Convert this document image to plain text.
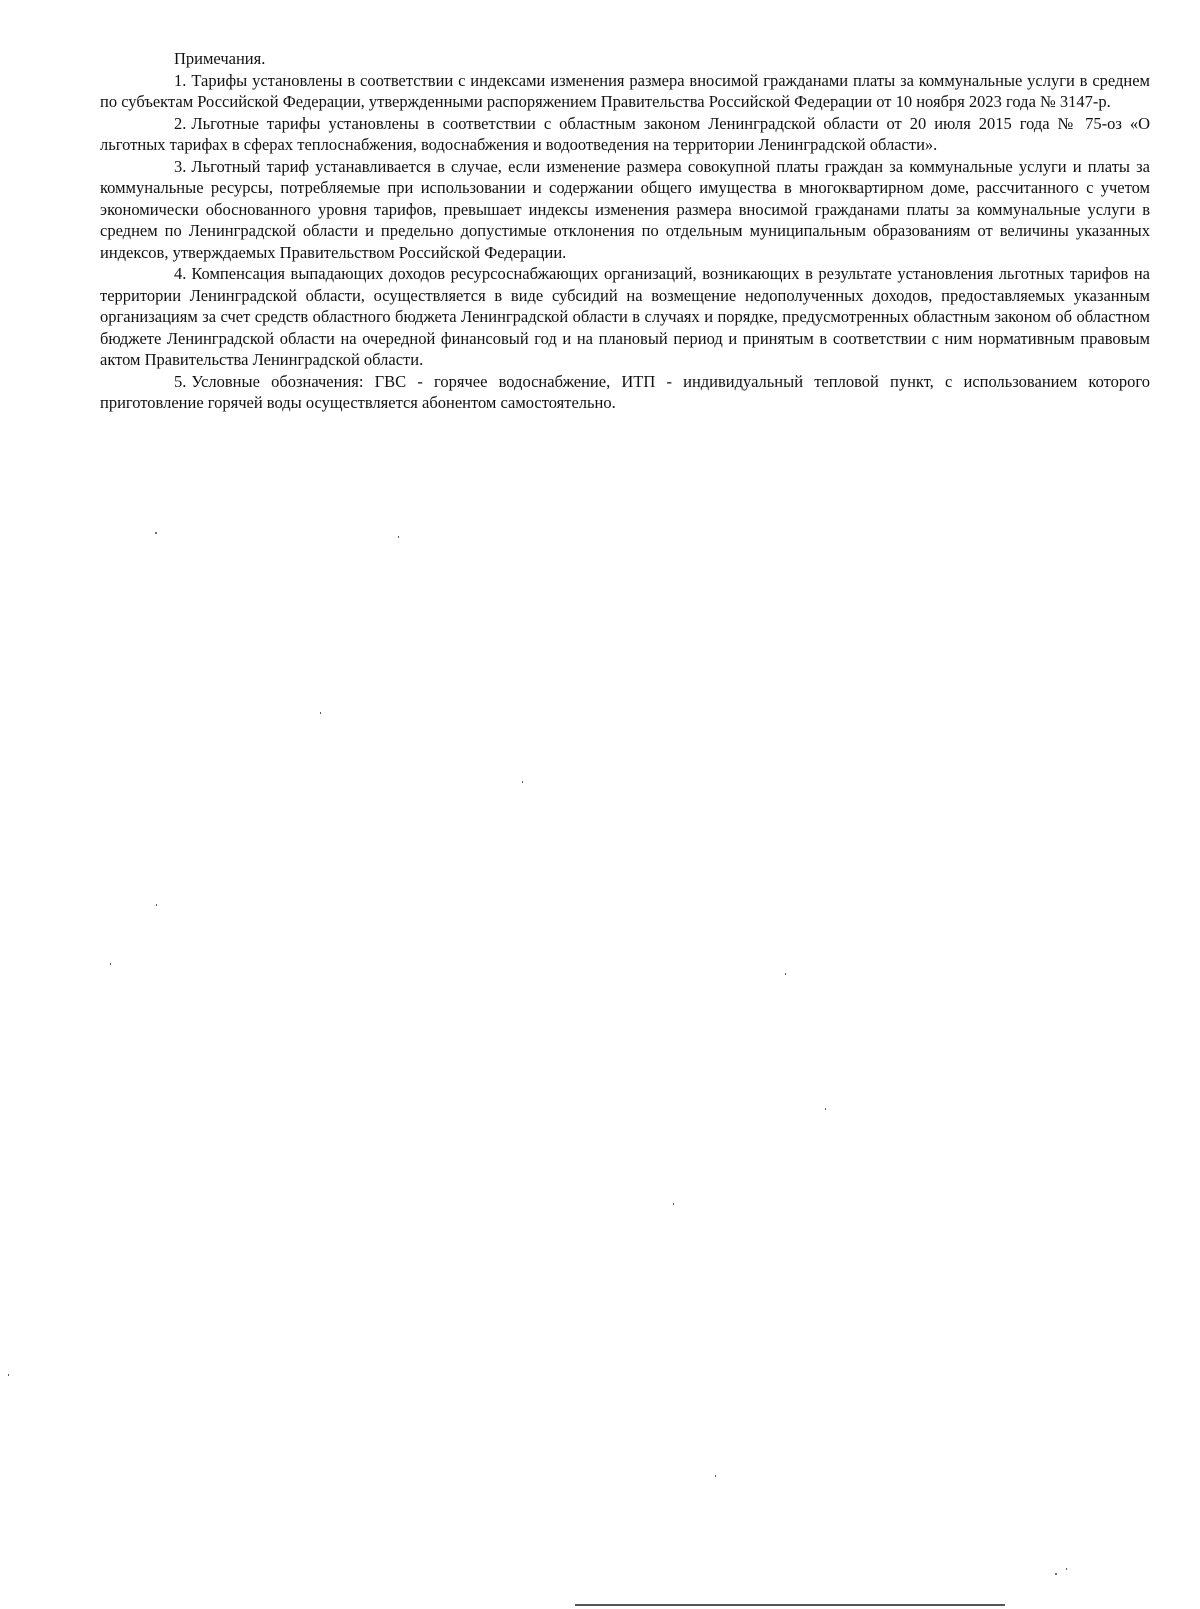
Примечания.

1. Тарифы установлены в соответствии с индексами изменения размера вносимой гражданами платы за коммунальные услуги в среднем по субъектам Российской Федерации, утвержденными распоряжением Правительства Российской Федерации от 10 ноября 2023 года № 3147-р.

2. Льготные тарифы установлены в соответствии с областным законом Ленинградской области от 20 июля 2015 года № 75-оз «О льготных тарифах в сферах теплоснабжения, водоснабжения и водоотведения на территории Ленинградской области».

3. Льготный тариф устанавливается в случае, если изменение размера совокупной платы граждан за коммунальные услуги и платы за коммунальные ресурсы, потребляемые при использовании и содержании общего имущества в многоквартирном доме, рассчитанного с учетом экономически обоснованного уровня тарифов, превышает индексы изменения размера вносимой гражданами платы за коммунальные услуги в среднем по Ленинградской области и предельно допустимые отклонения по отдельным муниципальным образованиям от величины указанных индексов, утверждаемых Правительством Российской Федерации.

4. Компенсация выпадающих доходов ресурсоснабжающих организаций, возникающих в результате установления льготных тарифов на территории Ленинградской области, осуществляется в виде субсидий на возмещение недополученных доходов, предоставляемых указанным организациям за счет средств областного бюджета Ленинградской области в случаях и порядке, предусмотренных областным законом об областном бюджете Ленинградской области на очередной финансовый год и на плановый период и принятым в соответствии с ним нормативным правовым актом Правительства Ленинградской области.

5. Условные обозначения: ГВС - горячее водоснабжение, ИТП - индивидуальный тепловой пункт, с использованием которого приготовление горячей воды осуществляется абонентом самостоятельно.
